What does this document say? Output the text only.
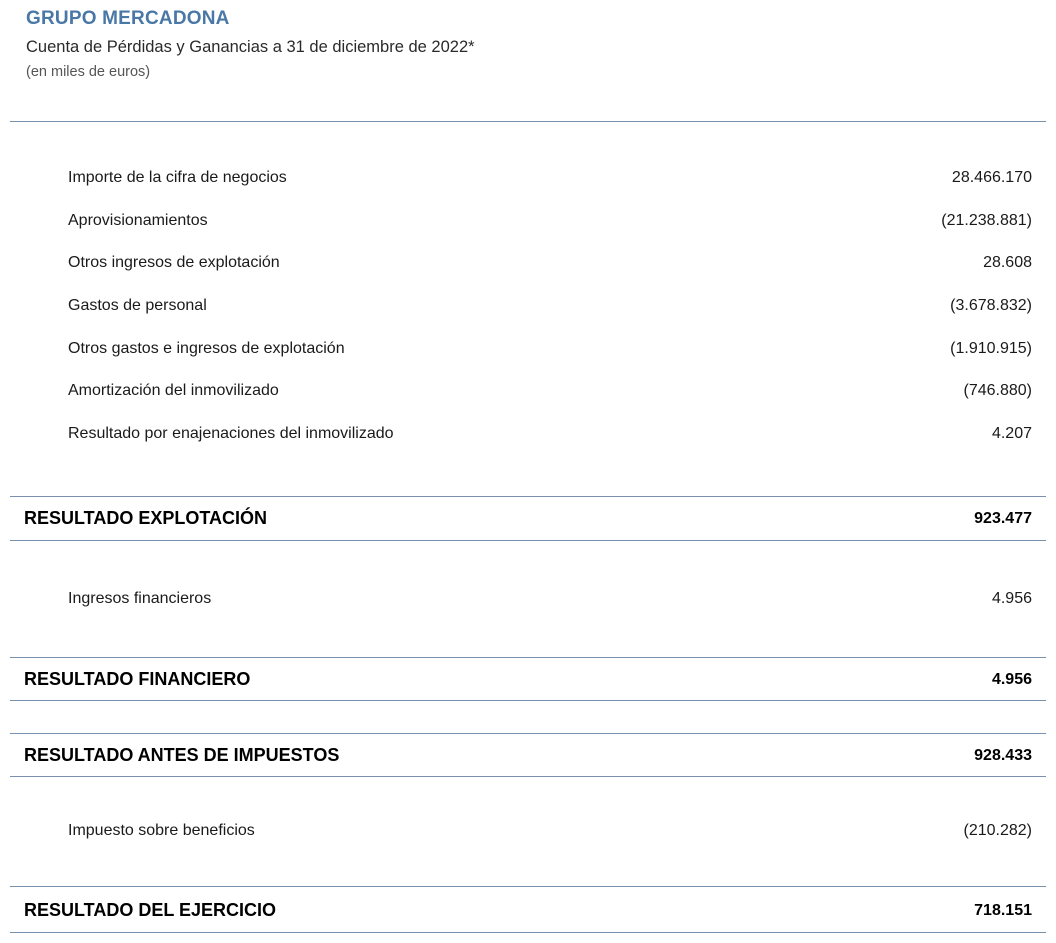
GRUPO MERCADONA
Cuenta de Pérdidas y Ganancias a 31 de diciembre de 2022*
(en miles de euros)
Importe de la cifra de negocios	28.466.170
Aprovisionamientos	(21.238.881)
Otros ingresos de explotación	28.608
Gastos de personal	(3.678.832)
Otros gastos e ingresos de explotación	(1.910.915)
Amortización del inmovilizado	(746.880)
Resultado por enajenaciones del inmovilizado	4.207
RESULTADO EXPLOTACIÓN	923.477
Ingresos financieros	4.956
RESULTADO FINANCIERO	4.956
RESULTADO ANTES DE IMPUESTOS	928.433
Impuesto sobre beneficios	(210.282)
RESULTADO DEL EJERCICIO	718.151
